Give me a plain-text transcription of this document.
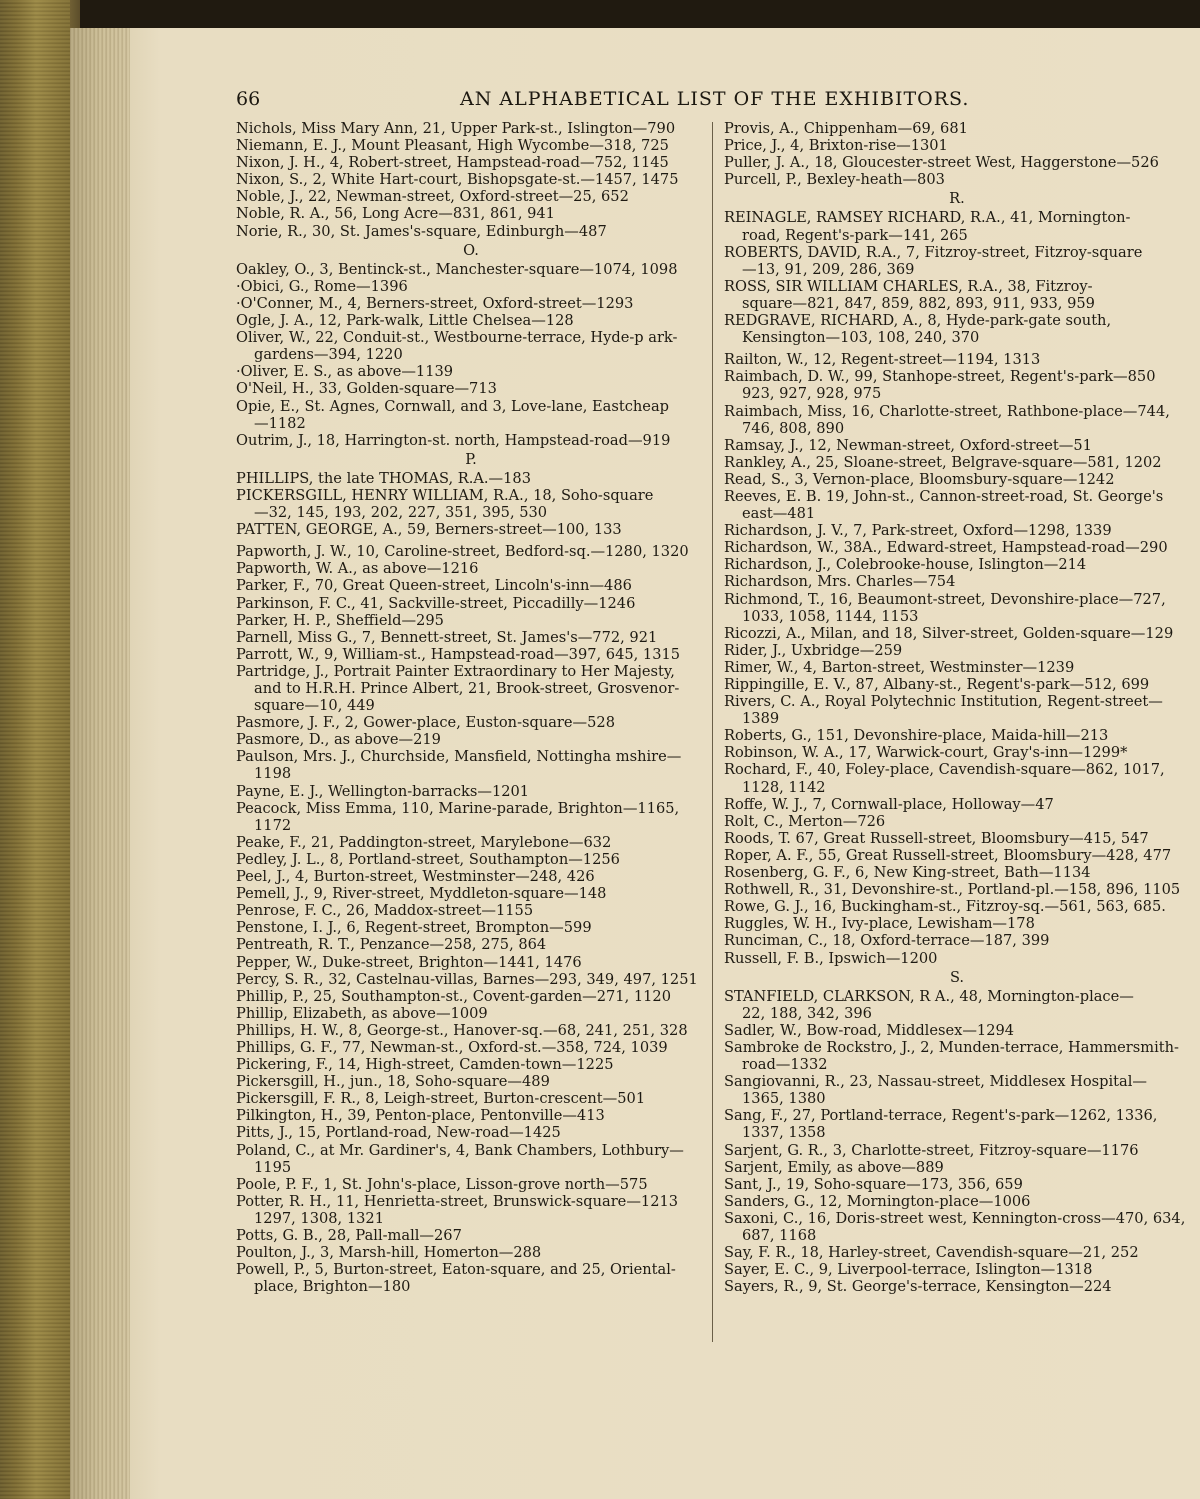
66	AN ALPHABETICAL LIST OF THE EXHIBITORS.
Nichols, Miss Mary Ann, 21, Upper Park-st., Islington—790
Niemann, E. J., Mount Pleasant, High Wycombe—318, 725
Nixon, J. H., 4, Robert-street, Hampstead-road—752, 1145
Nixon, S., 2, White Hart-court, Bishopsgate-st.—1457, 1475
Noble, J., 22, Newman-street, Oxford-street—25, 652
Noble, R. A., 56, Long Acre—831, 861, 941
Norie, R., 30, St. James's-square, Edinburgh—487
O.
Oakley, O., 3, Bentinck-st., Manchester-square—1074, 1098
·Obici, G., Rome—1396
·O'Conner, M., 4, Berners-street, Oxford-street—1293
Ogle, J. A., 12, Park-walk, Little Chelsea—128
Oliver, W., 22, Conduit-st., Westbourne-terrace, Hyde-p ark-
gardens—394, 1220
·Oliver, E. S., as above—1139
O'Neil, H., 33, Golden-square—713
Opie, E., St. Agnes, Cornwall, and 3, Love-lane, Eastcheap
—1182
Outrim, J., 18, Harrington-st. north, Hampstead-road—919
P.
PHILLIPS, the late THOMAS, R.A.—183
PICKERSGILL, HENRY WILLIAM, R.A., 18, Soho-square
—32, 145, 193, 202, 227, 351, 395, 530
PATTEN, GEORGE, A., 59, Berners-street—100, 133
Papworth, J. W., 10, Caroline-street, Bedford-sq.—1280, 1320
Papworth, W. A., as above—1216
Parker, F., 70, Great Queen-street, Lincoln's-inn—486
Parkinson, F. C., 41, Sackville-street, Piccadilly—1246
Parker, H. P., Sheffield—295
Parnell, Miss G., 7, Bennett-street, St. James's—772, 921
Parrott, W., 9, William-st., Hampstead-road—397, 645, 1315
Partridge, J., Portrait Painter Extraordinary to Her Majesty,
and to H.R.H. Prince Albert, 21, Brook-street, Grosvenor-
square—10, 449
Pasmore, J. F., 2, Gower-place, Euston-square—528
Pasmore, D., as above—219
Paulson, Mrs. J., Churchside, Mansfield, Nottingha mshire—
1198
Payne, E. J., Wellington-barracks—1201
Peacock, Miss Emma, 110, Marine-parade, Brighton—1165,
1172
Peake, F., 21, Paddington-street, Marylebone—632
Pedley, J. L., 8, Portland-street, Southampton—1256
Peel, J., 4, Burton-street, Westminster—248, 426
Pemell, J., 9, River-street, Myddleton-square—148
Penrose, F. C., 26, Maddox-street—1155
Penstone, I. J., 6, Regent-street, Brompton—599
Pentreath, R. T., Penzance—258, 275, 864
Pepper, W., Duke-street, Brighton—1441, 1476
Percy, S. R., 32, Castelnau-villas, Barnes—293, 349, 497, 1251
Phillip, P., 25, Southampton-st., Covent-garden—271, 1120
Phillip, Elizabeth, as above—1009
Phillips, H. W., 8, George-st., Hanover-sq.—68, 241, 251, 328
Phillips, G. F., 77, Newman-st., Oxford-st.—358, 724, 1039
Pickering, F., 14, High-street, Camden-town—1225
Pickersgill, H., jun., 18, Soho-square—489
Pickersgill, F. R., 8, Leigh-street, Burton-crescent—501
Pilkington, H., 39, Penton-place, Pentonville—413
Pitts, J., 15, Portland-road, New-road—1425
Poland, C., at Mr. Gardiner's, 4, Bank Chambers, Lothbury—
1195
Poole, P. F., 1, St. John's-place, Lisson-grove north—575
Potter, R. H., 11, Henrietta-street, Brunswick-square—1213
1297, 1308, 1321
Potts, G. B., 28, Pall-mall—267
Poulton, J., 3, Marsh-hill, Homerton—288
Powell, P., 5, Burton-street, Eaton-square, and 25, Oriental-
place, Brighton—180
Provis, A., Chippenham—69, 681
Price, J., 4, Brixton-rise—1301
Puller, J. A., 18, Gloucester-street West, Haggerstone—526
Purcell, P., Bexley-heath—803
R.
REINAGLE, RAMSEY RICHARD, R.A., 41, Mornington-
road, Regent's-park—141, 265
ROBERTS, DAVID, R.A., 7, Fitzroy-street, Fitzroy-square
—13, 91, 209, 286, 369
ROSS, SIR WILLIAM CHARLES, R.A., 38, Fitzroy-
square—821, 847, 859, 882, 893, 911, 933, 959
REDGRAVE, RICHARD, A., 8, Hyde-park-gate south,
Kensington—103, 108, 240, 370
Railton, W., 12, Regent-street—1194, 1313
Raimbach, D. W., 99, Stanhope-street, Regent's-park—850
923, 927, 928, 975
Raimbach, Miss, 16, Charlotte-street, Rathbone-place—744,
746, 808, 890
Ramsay, J., 12, Newman-street, Oxford-street—51
Rankley, A., 25, Sloane-street, Belgrave-square—581, 1202
Read, S., 3, Vernon-place, Bloomsbury-square—1242
Reeves, E. B. 19, John-st., Cannon-street-road, St. George's
east—481
Richardson, J. V., 7, Park-street, Oxford—1298, 1339
Richardson, W., 38A., Edward-street, Hampstead-road—290
Richardson, J., Colebrooke-house, Islington—214
Richardson, Mrs. Charles—754
Richmond, T., 16, Beaumont-street, Devonshire-place—727,
1033, 1058, 1144, 1153
Ricozzi, A., Milan, and 18, Silver-street, Golden-square—129
Rider, J., Uxbridge—259
Rimer, W., 4, Barton-street, Westminster—1239
Rippingille, E. V., 87, Albany-st., Regent's-park—512, 699
Rivers, C. A., Royal Polytechnic Institution, Regent-street—
1389
Roberts, G., 151, Devonshire-place, Maida-hill—213
Robinson, W. A., 17, Warwick-court, Gray's-inn—1299*
Rochard, F., 40, Foley-place, Cavendish-square—862, 1017,
1128, 1142
Roffe, W. J., 7, Cornwall-place, Holloway—47
Rolt, C., Merton—726
Roods, T. 67, Great Russell-street, Bloomsbury—415, 547
Roper, A. F., 55, Great Russell-street, Bloomsbury—428, 477
Rosenberg, G. F., 6, New King-street, Bath—1134
Rothwell, R., 31, Devonshire-st., Portland-pl.—158, 896, 1105
Rowe, G. J., 16, Buckingham-st., Fitzroy-sq.—561, 563, 685.
Ruggles, W. H., Ivy-place, Lewisham—178
Runciman, C., 18, Oxford-terrace—187, 399
Russell, F. B., Ipswich—1200
S.
STANFIELD, CLARKSON, R A., 48, Mornington-place—
22, 188, 342, 396
Sadler, W., Bow-road, Middlesex—1294
Sambroke de Rockstro, J., 2, Munden-terrace, Hammersmith-
road—1332
Sangiovanni, R., 23, Nassau-street, Middlesex Hospital—
1365, 1380
Sang, F., 27, Portland-terrace, Regent's-park—1262, 1336,
1337, 1358
Sarjent, G. R., 3, Charlotte-street, Fitzroy-square—1176
Sarjent, Emily, as above—889
Sant, J., 19, Soho-square—173, 356, 659
Sanders, G., 12, Mornington-place—1006
Saxoni, C., 16, Doris-street west, Kennington-cross—470, 634,
687, 1168
Say, F. R., 18, Harley-street, Cavendish-square—21, 252
Sayer, E. C., 9, Liverpool-terrace, Islington—1318
Sayers, R., 9, St. George's-terrace, Kensington—224
